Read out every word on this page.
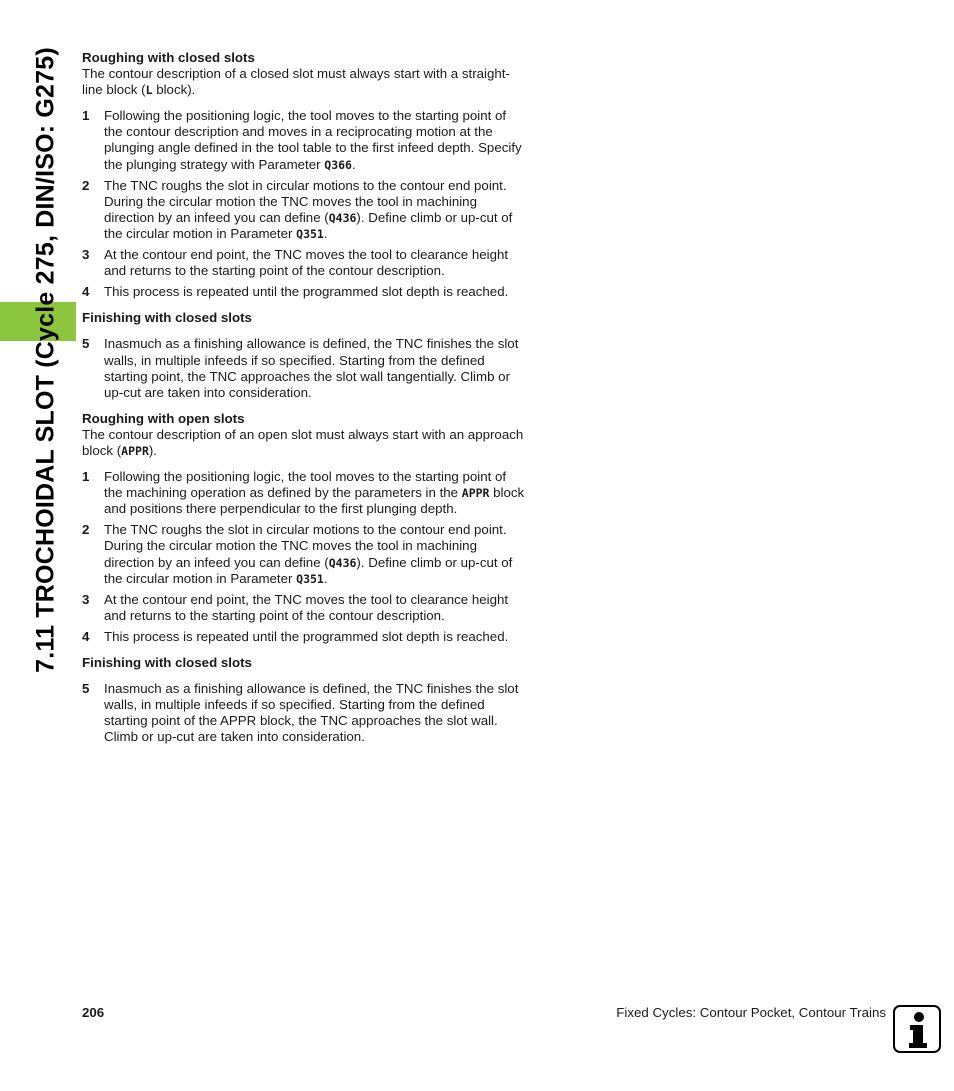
7.11 TROCHOIDAL SLOT (Cycle 275, DIN/ISO: G275) Roughing with closed slots

The contour description of a closed slot must always start with a straight-line block (L block).

1 Following the positioning logic, the tool moves to the starting point of the contour description and moves in a reciprocating motion at the plunging angle defined in the tool table to the first infeed depth. Specify the plunging strategy with Parameter Q366.
2 The TNC roughs the slot in circular motions to the contour end point. During the circular motion the TNC moves the tool in machining direction by an infeed you can define (Q436). Define climb or up-cut of the circular motion in Parameter Q351.
3 At the contour end point, the TNC moves the tool to clearance height and returns to the starting point of the contour description.
4 This process is repeated until the programmed slot depth is reached.

Finishing with closed slots

5 Inasmuch as a finishing allowance is defined, the TNC finishes the slot walls, in multiple infeeds if so specified. Starting from the defined starting point, the TNC approaches the slot wall tangentially. Climb or up-cut are taken into consideration.

Roughing with open slots

The contour description of an open slot must always start with an approach block (APPR).

1 Following the positioning logic, the tool moves to the starting point of the machining operation as defined by the parameters in the APPR block and positions there perpendicular to the first plunging depth.
2 The TNC roughs the slot in circular motions to the contour end point. During the circular motion the TNC moves the tool in machining direction by an infeed you can define (Q436). Define climb or up-cut of the circular motion in Parameter Q351.
3 At the contour end point, the TNC moves the tool to clearance height and returns to the starting point of the contour description.
4 This process is repeated until the programmed slot depth is reached.

Finishing with closed slots

5 Inasmuch as a finishing allowance is defined, the TNC finishes the slot walls, in multiple infeeds if so specified. Starting from the defined starting point of the APPR block, the TNC approaches the slot wall. Climb or up-cut are taken into consideration.
206	Fixed Cycles: Contour Pocket, Contour Trains
